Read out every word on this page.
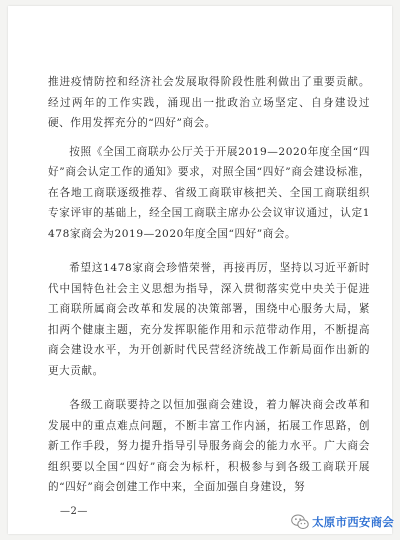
推进疫情防控和经济社会发展取得阶段性胜利做出了重要贡献。经过两年的工作实践，涌现出一批政治立场坚定、自身建设过硬、作用发挥充分的“四好”商会。

按照《全国工商联办公厅关于开展2019—2020年度全国“四好”商会认定工作的通知》要求，对照全国“四好”商会建设标准，在各地工商联逐级推荐、省级工商联审核把关、全国工商联组织专家评审的基础上，经全国工商联主席办公会议审议通过，认定1478家商会为2019—2020年度全国“四好”商会。

希望这1478家商会珍惜荣誉，再接再厉，坚持以习近平新时代中国特色社会主义思想为指导，深入贯彻落实党中央关于促进工商联所属商会改革和发展的决策部署，围绕中心服务大局，紧扣两个健康主题，充分发挥职能作用和示范带动作用，不断提高商会建设水平，为开创新时代民营经济统战工作新局面作出新的更大贡献。

各级工商联要持之以恒加强商会建设，着力解决商会改革和发展中的重点难点问题，不断丰富工作内涵，拓展工作思路，创新工作手段，努力提升指导引导服务商会的能力水平。广大商会组织要以全国“四好”商会为标杆，积极参与到各级工商联开展的“四好”商会创建工作中来，全面加强自身建设，努

—2—
太原市西安商会
